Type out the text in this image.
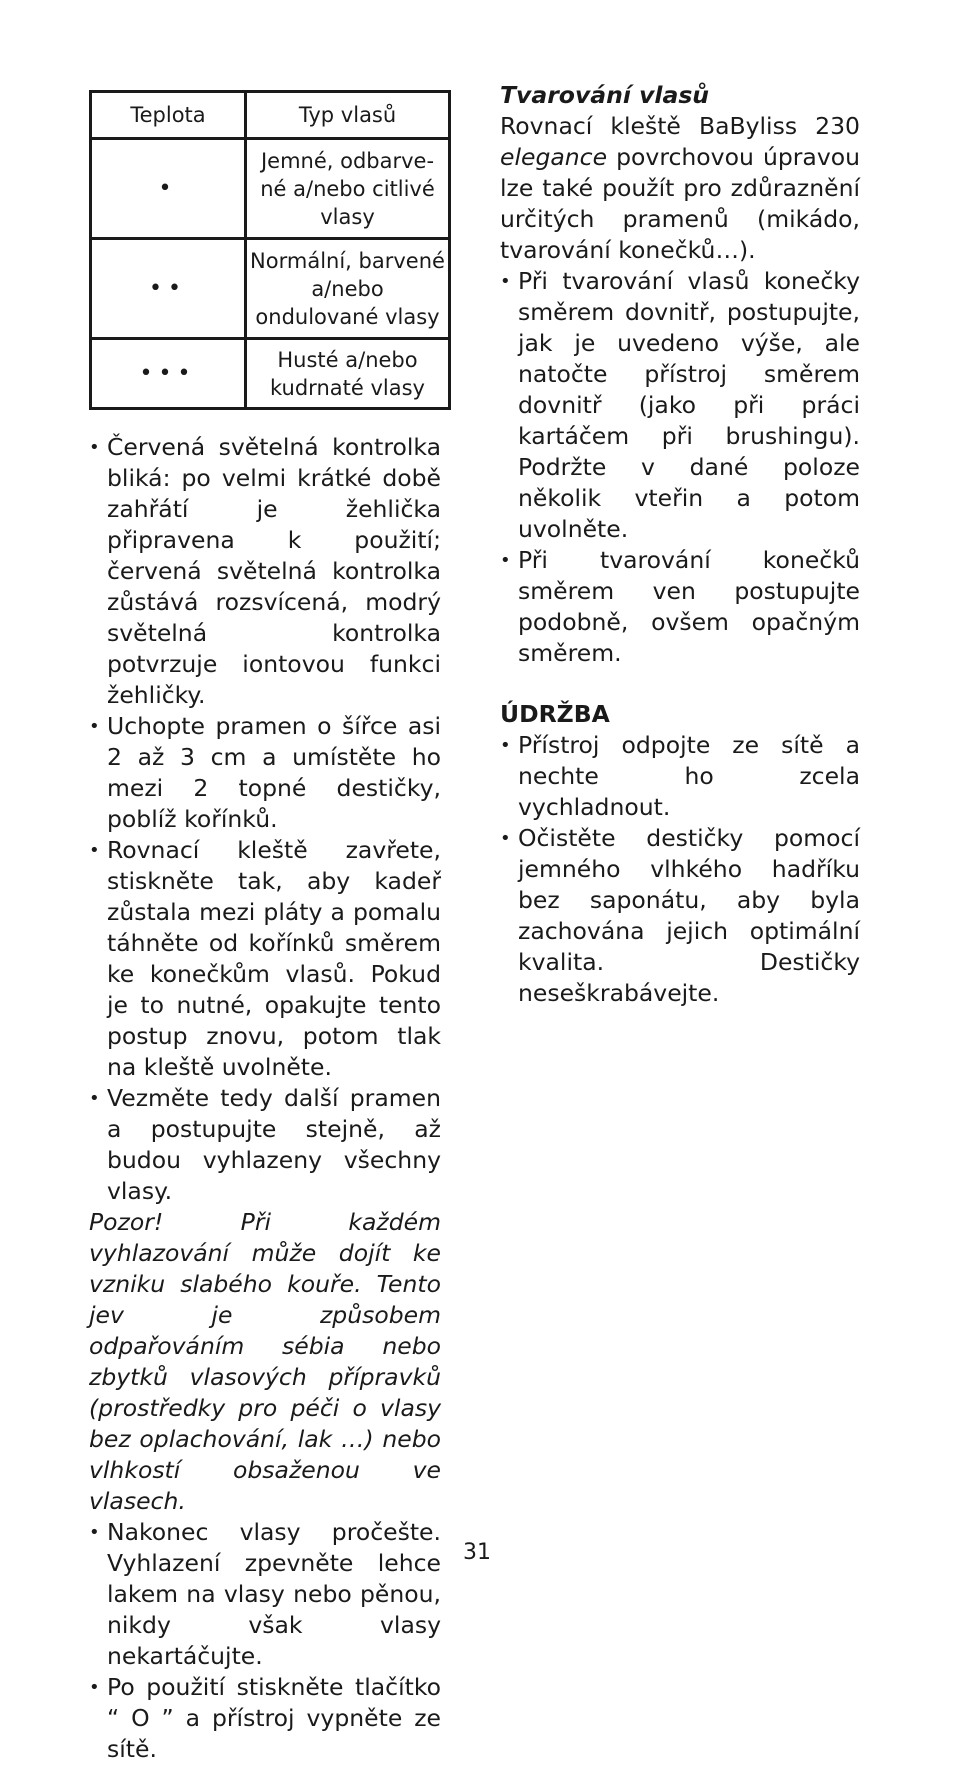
Teplota	Typ vlasů
•	Jemné, odbarve-né a/nebo citlivé vlasy
••	Normální, barvené a/nebo ondulované vlasy
•••	Husté a/nebo kudrnaté vlasy
• Červená světelná kontrolka bliká: po velmi krátké době zahřátí je žehlička připravena k použití; červená světelná kontrolka zůstává rozsvícená, modrý světelná kontrolka potvrzuje iontovou funkci žehličky.
• Uchopte pramen o šířce asi 2 až 3 cm a umístěte ho mezi 2 topné destičky, poblíž kořínků.
• Rovnací kleště zavřete, stiskněte tak, aby kadeř zůstala mezi pláty a pomalu táhněte od kořínků směrem ke konečkům vlasů. Pokud je to nutné, opakujte tento postup znovu, potom tlak na kleště uvolněte.
• Vezměte tedy další pramen a postupujte stejně, až budou vyhlazeny všechny vlasy.

Pozor! Při každém vyhlazování může dojít ke vzniku slabého kouře. Tento jev je způsobem odpařováním sébia nebo zbytků vlasových přípravků (prostředky pro péči o vlasy bez oplachování, lak …) nebo vlhkostí obsaženou ve vlasech.

• Nakonec vlasy pročešte. Vyhlazení zpevněte lehce lakem na vlasy nebo pěnou, nikdy však vlasy nekartáčujte.
• Po použití stiskněte tlačítko “ O ” a přístroj vypněte ze sítě.

Tvarování vlasů

Rovnací kleště BaByliss 230 elegance povrchovou úpravou lze také použít pro zdůraznění určitých pramenů (mikádo, tvarování konečků…).

• Při tvarování vlasů konečky směrem dovnitř, postupujte, jak je uvedeno výše, ale natočte přístroj směrem dovnitř (jako při práci kartáčem při brushingu). Podržte v dané poloze několik vteřin a potom uvolněte.
• Při tvarování konečků směrem ven postupujte podobně, ovšem opačným směrem.

ÚDRŽBA

• Přístroj odpojte ze sítě a nechte ho zcela vychladnout.
• Očistěte destičky pomocí jemného vlhkého hadříku bez saponátu, aby byla zachována jejich optimální kvalita. Destičky neseškrabávejte.
31
